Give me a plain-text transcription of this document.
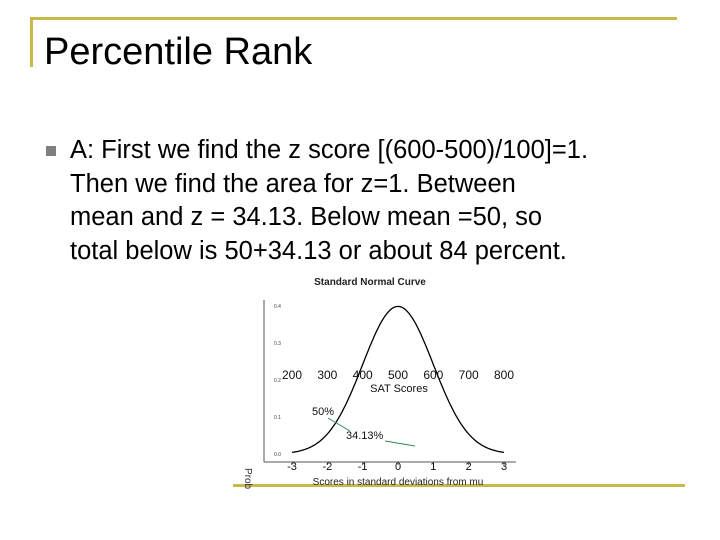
Percentile Rank
A: First we find the z score [(600-500)/100]=1.
Then we find the area for z=1. Between
mean and z = 34.13. Below mean =50, so
total below is 50+34.13 or about 84 percent.
Standard Normal Curve
Prob	Scores in standard deviations from mu
SAT Scores
50%
34.13%
0.4
0.3
0.2
0.1
0.0
-3 -2 -1 0	1	2	3
200 300 400 500 600 700 800
